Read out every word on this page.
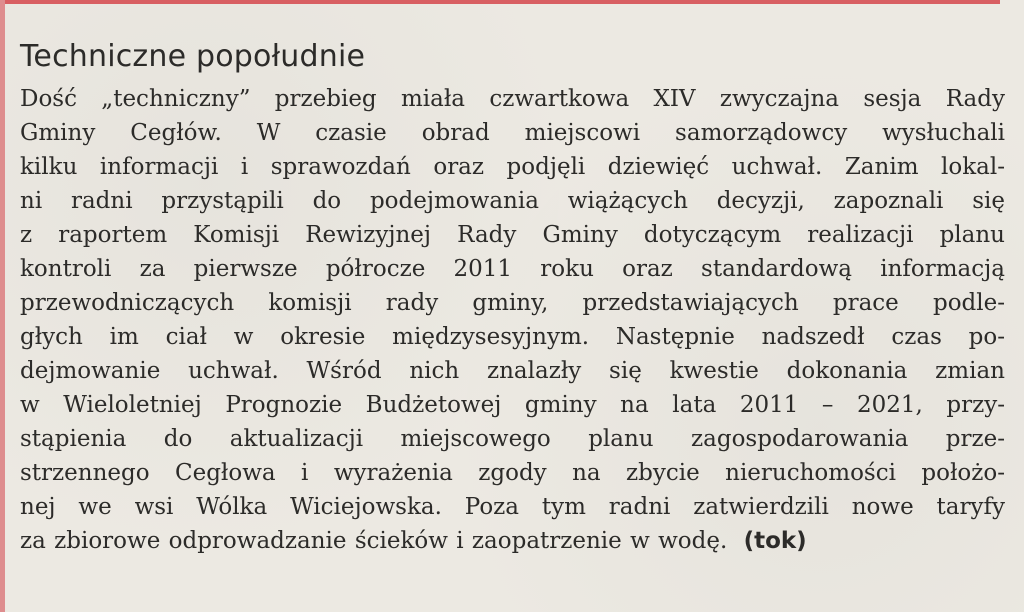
Techniczne popołudnie
Dość „techniczny” przebieg miała czwartkowa XIV zwyczajna sesja Rady
Gminy Cegłów. W czasie obrad miejscowi samorządowcy wysłuchali
kilku informacji i sprawozdań oraz podjęli dziewięć uchwał. Zanim lokal-
ni radni przystąpili do podejmowania wiążących decyzji, zapoznali się
z raportem Komisji Rewizyjnej Rady Gminy dotyczącym realizacji planu
kontroli za pierwsze półrocze 2011 roku oraz standardową informacją
przewodniczących komisji rady gminy, przedstawiających prace podle-
głych im ciał w okresie międzysesyjnym. Następnie nadszedł czas po-
dejmowanie uchwał. Wśród nich znalazły się kwestie dokonania zmian
w Wieloletniej Prognozie Budżetowej gminy na lata 2011 – 2021, przy-
stąpienia do aktualizacji miejscowego planu zagospodarowania prze-
strzennego Cegłowa i wyrażenia zgody na zbycie nieruchomości położo-
nej we wsi Wólka Wiciejowska. Poza tym radni zatwierdzili nowe taryfy
za zbiorowe odprowadzanie ścieków i zaopatrzenie w wodę. (tok)
